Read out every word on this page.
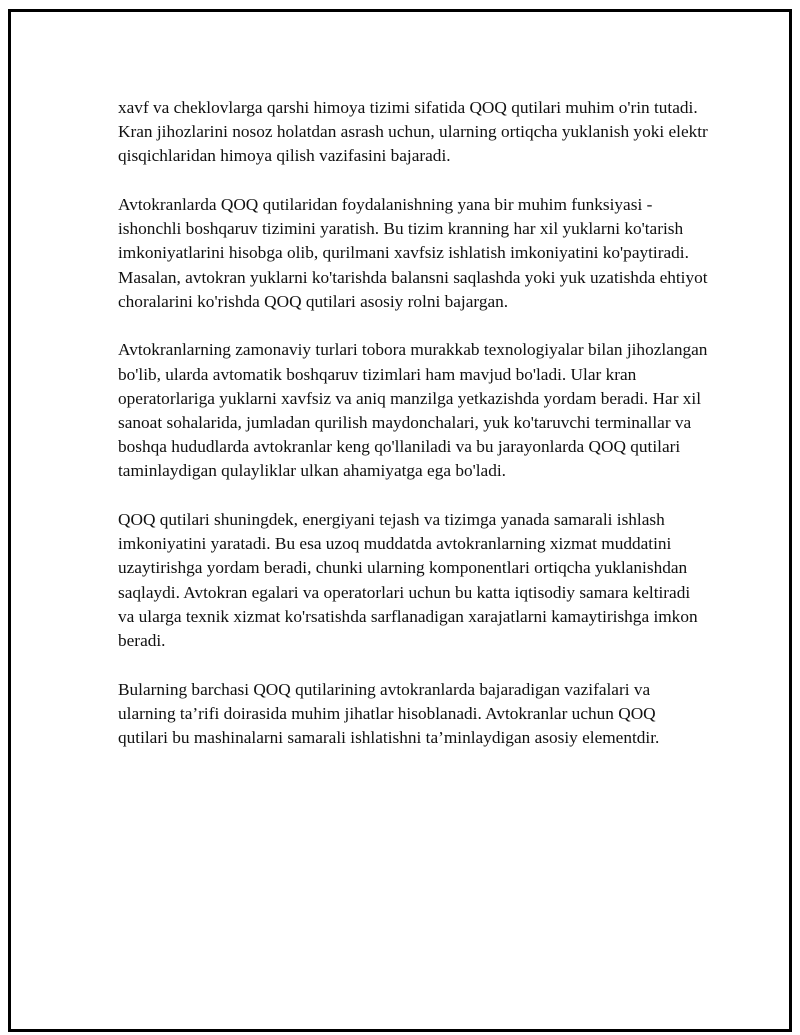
xavf va cheklovlarga qarshi himoya tizimi sifatida QOQ qutilari muhim o'rin tutadi. Kran jihozlarini nosoz holatdan asrash uchun, ularning ortiqcha yuklanish yoki elektr qisqichlaridan himoya qilish vazifasini bajaradi.

Avtokranlarda QOQ qutilaridan foydalanishning yana bir muhim funksiyasi - ishonchli boshqaruv tizimini yaratish. Bu tizim kranning har xil yuklarni ko'tarish imkoniyatlarini hisobga olib, qurilmani xavfsiz ishlatish imkoniyatini ko'paytiradi. Masalan, avtokran yuklarni ko'tarishda balansni saqlashda yoki yuk uzatishda ehtiyot choralarini ko'rishda QOQ qutilari asosiy rolni bajargan.

Avtokranlarning zamonaviy turlari tobora murakkab texnologiyalar bilan jihozlangan bo'lib, ularda avtomatik boshqaruv tizimlari ham mavjud bo'ladi. Ular kran operatorlariga yuklarni xavfsiz va aniq manzilga yetkazishda yordam beradi. Har xil sanoat sohalarida, jumladan qurilish maydonchalari, yuk ko'taruvchi terminallar va boshqa hududlarda avtokranlar keng qo'llaniladi va bu jarayonlarda QOQ qutilari taminlaydigan qulayliklar ulkan ahamiyatga ega bo'ladi.

QOQ qutilari shuningdek, energiyani tejash va tizimga yanada samarali ishlash imkoniyatini yaratadi. Bu esa uzoq muddatda avtokranlarning xizmat muddatini uzaytirishga yordam beradi, chunki ularning komponentlari ortiqcha yuklanishdan saqlaydi. Avtokran egalari va operatorlari uchun bu katta iqtisodiy samara keltiradi va ularga texnik xizmat ko'rsatishda sarflanadigan xarajatlarni kamaytirishga imkon beradi.

Bularning barchasi QOQ qutilarining avtokranlarda bajaradigan vazifalari va ularning ta’rifi doirasida muhim jihatlar hisoblanadi. Avtokranlar uchun QOQ qutilari bu mashinalarni samarali ishlatishni ta’minlaydigan asosiy elementdir.
